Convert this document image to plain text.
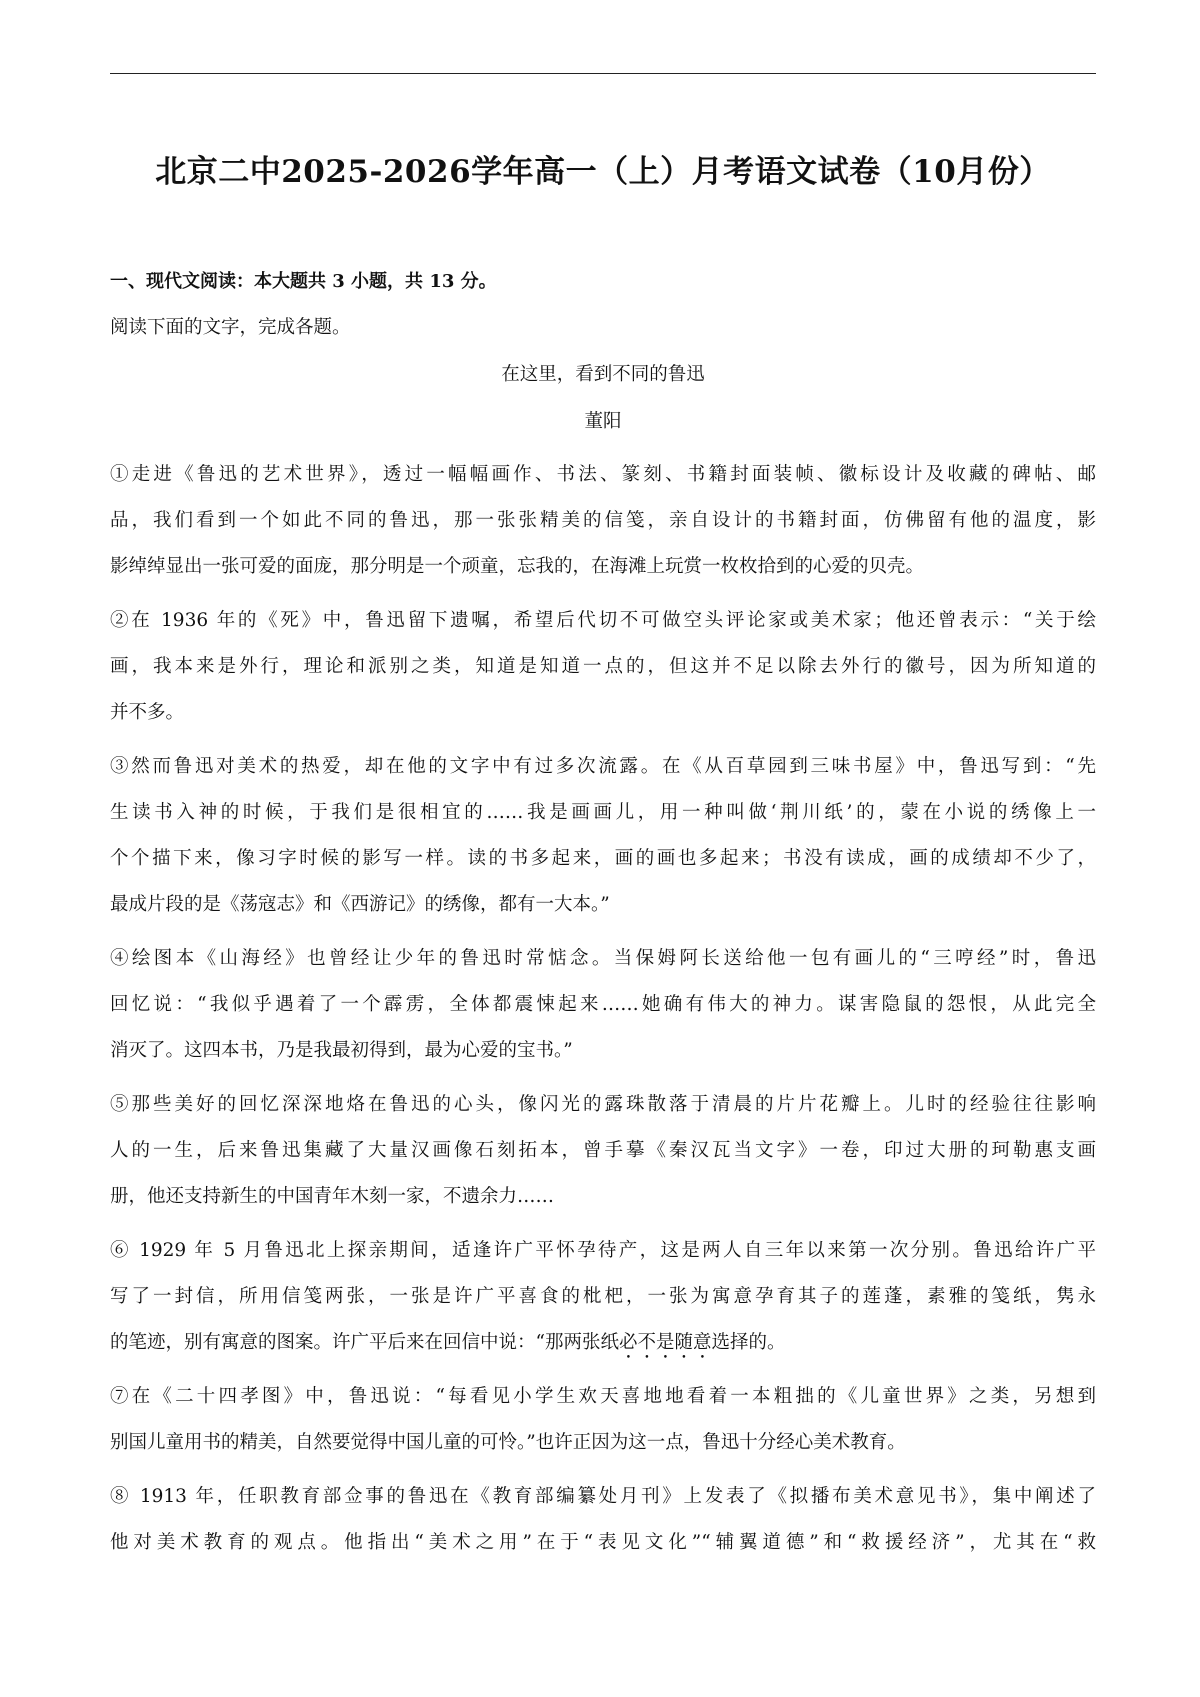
北京二中2025-2026学年高一（上）月考语文试卷（10月份）
一、现代文阅读：本大题共 3 小题，共 13 分。
阅读下面的文字，完成各题。
在这里，看到不同的鲁迅
董阳
①走进《鲁迅的艺术世界》，透过一幅幅画作、书法、篆刻、书籍封面装帧、徽标设计及收藏的碑帖、邮
品，我们看到一个如此不同的鲁迅，那一张张精美的信笺，亲自设计的书籍封面，仿佛留有他的温度，影
影绰绰显出一张可爱的面庞，那分明是一个顽童，忘我的，在海滩上玩赏一枚枚拾到的心爱的贝壳。
②在 1936 年的《死》中，鲁迅留下遗嘱，希望后代切不可做空头评论家或美术家；他还曾表示：“关于绘
画，我本来是外行，理论和派别之类，知道是知道一点的，但这并不足以除去外行的徽号，因为所知道的
并不多。
③然而鲁迅对美术的热爱，却在他的文字中有过多次流露。在《从百草园到三味书屋》中，鲁迅写到：“先
生读书入神的时候，于我们是很相宜的……我是画画儿，用一种叫做‘荆川纸’的，蒙在小说的绣像上一
个个描下来，像习字时候的影写一样。读的书多起来，画的画也多起来；书没有读成，画的成绩却不少了，
最成片段的是《荡寇志》和《西游记》的绣像，都有一大本。”
④绘图本《山海经》也曾经让少年的鲁迅时常惦念。当保姆阿长送给他一包有画儿的“三哼经”时，鲁迅
回忆说：“我似乎遇着了一个霹雳，全体都震悚起来……她确有伟大的神力。谋害隐鼠的怨恨，从此完全
消灭了。这四本书，乃是我最初得到，最为心爱的宝书。”
⑤那些美好的回忆深深地烙在鲁迅的心头，像闪光的露珠散落于清晨的片片花瓣上。儿时的经验往往影响
人的一生，后来鲁迅集藏了大量汉画像石刻拓本，曾手摹《秦汉瓦当文字》一卷，印过大册的珂勒惠支画
册，他还支持新生的中国青年木刻一家，不遗余力……
⑥ 1929 年 5 月鲁迅北上探亲期间，适逢许广平怀孕待产，这是两人自三年以来第一次分别。鲁迅给许广平
写了一封信，所用信笺两张，一张是许广平喜食的枇杷，一张为寓意孕育其子的莲蓬，素雅的笺纸，隽永
的笔迹，别有寓意的图案。许广平后来在回信中说：“那两张纸必不是随意选择的。
⑦在《二十四孝图》中，鲁迅说：“每看见小学生欢天喜地地看着一本粗拙的《儿童世界》之类，另想到
别国儿童用书的精美，自然要觉得中国儿童的可怜。”也许正因为这一点，鲁迅十分经心美术教育。
⑧ 1913 年，任职教育部佥事的鲁迅在《教育部编纂处月刊》上发表了《拟播布美术意见书》，集中阐述了
他对美术教育的观点。他指出“美术之用”在于“表见文化”“辅翼道德”和“救援经济”，尤其在“救
